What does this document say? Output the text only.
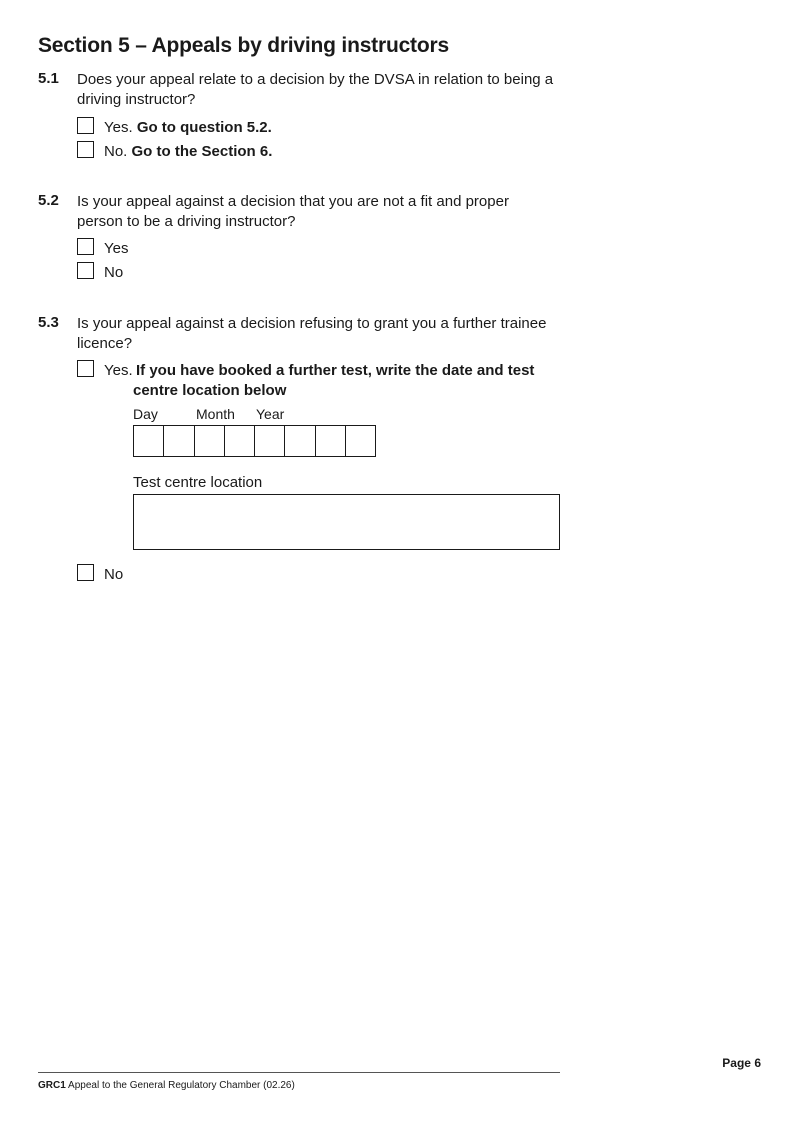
Section 5 – Appeals by driving instructors
5.1 Does your appeal relate to a decision by the DVSA in relation to being a driving instructor?
Yes. Go to question 5.2.
No. Go to the Section 6.
5.2 Is your appeal against a decision that you are not a fit and proper person to be a driving instructor?
Yes
No
5.3 Is your appeal against a decision refusing to grant you a further trainee licence?
Yes. If you have booked a further test, write the date and test centre location below
Day	Month Year
Test centre location
No
Page 6
GRC1 Appeal to the General Regulatory Chamber (02.26)
